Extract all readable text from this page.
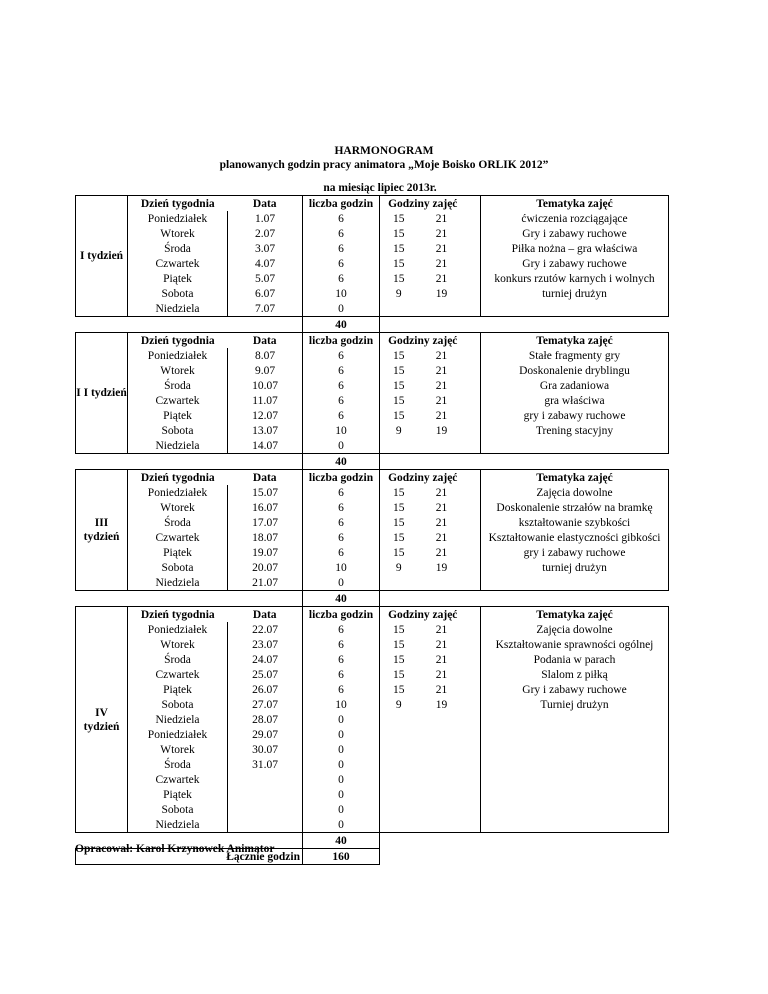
HARMONOGRAM
planowanych godzin pracy animatora „Moje Boisko ORLIK 2012”
na miesiąc lipiec 2013r.
I tydzień	Dzień tygodnia	Data	liczba godzin	Godziny zajęć			Tematyka zajęć
	Poniedziałek	1.07	6	15	21		ćwiczenia rozciągające
	Wtorek	2.07	6	15	21		Gry i zabawy ruchowe
	Środa	3.07	6	15	21		Piłka nożna – gra właściwa
	Czwartek	4.07	6	15	21		Gry i zabawy ruchowe
	Piątek	5.07	6	15	21		konkurs rzutów karnych i wolnych
	Sobota	6.07	10	9	19		turniej drużyn
	Niedziela	7.07	0				
			40				
I I tydzień	Dzień tygodnia	Data	liczba godzin	Godziny zajęć			Tematyka zajęć
	Poniedziałek	8.07	6	15	21		Stałe fragmenty gry
	Wtorek	9.07	6	15	21		Doskonalenie dryblingu
	Środa	10.07	6	15	21		Gra zadaniowa
	Czwartek	11.07	6	15	21		gra właściwa
	Piątek	12.07	6	15	21		gry i zabawy ruchowe
	Sobota	13.07	10	9	19		Trening stacyjny
	Niedziela	14.07	0				
			40				
III tydzień	Dzień tygodnia	Data	liczba godzin	Godziny zajęć			Tematyka zajęć
	Poniedziałek	15.07	6	15	21		Zajęcia dowolne
	Wtorek	16.07	6	15	21		Doskonalenie strzałów na bramkę
	Środa	17.07	6	15	21		kształtowanie szybkości
	Czwartek	18.07	6	15	21		Kształtowanie elastyczności gibkości
	Piątek	19.07	6	15	21		gry i zabawy ruchowe
	Sobota	20.07	10	9	19		turniej drużyn
	Niedziela	21.07	0				
			40				
IV tydzień	Dzień tygodnia	Data	liczba godzin	Godziny zajęć			Tematyka zajęć
	Poniedziałek	22.07	6	15	21		Zajęcia dowolne
	Wtorek	23.07	6	15	21		Kształtowanie sprawności ogólnej
	Środa	24.07	6	15	21		Podania w parach
	Czwartek	25.07	6	15	21		Slalom z piłką
	Piątek	26.07	6	15	21		Gry i zabawy ruchowe
	Sobota	27.07	10	9	19		Turniej drużyn
	Niedziela	28.07	0				
	Poniedziałek	29.07	0				
	Wtorek	30.07	0				
	Środa	31.07	0				
	Czwartek		0				
	Piątek		0				
	Sobota		0				
	Niedziela		0				
			40				
Łącznie godzin			160				
Opracował: Karol Krzynowek Animator
